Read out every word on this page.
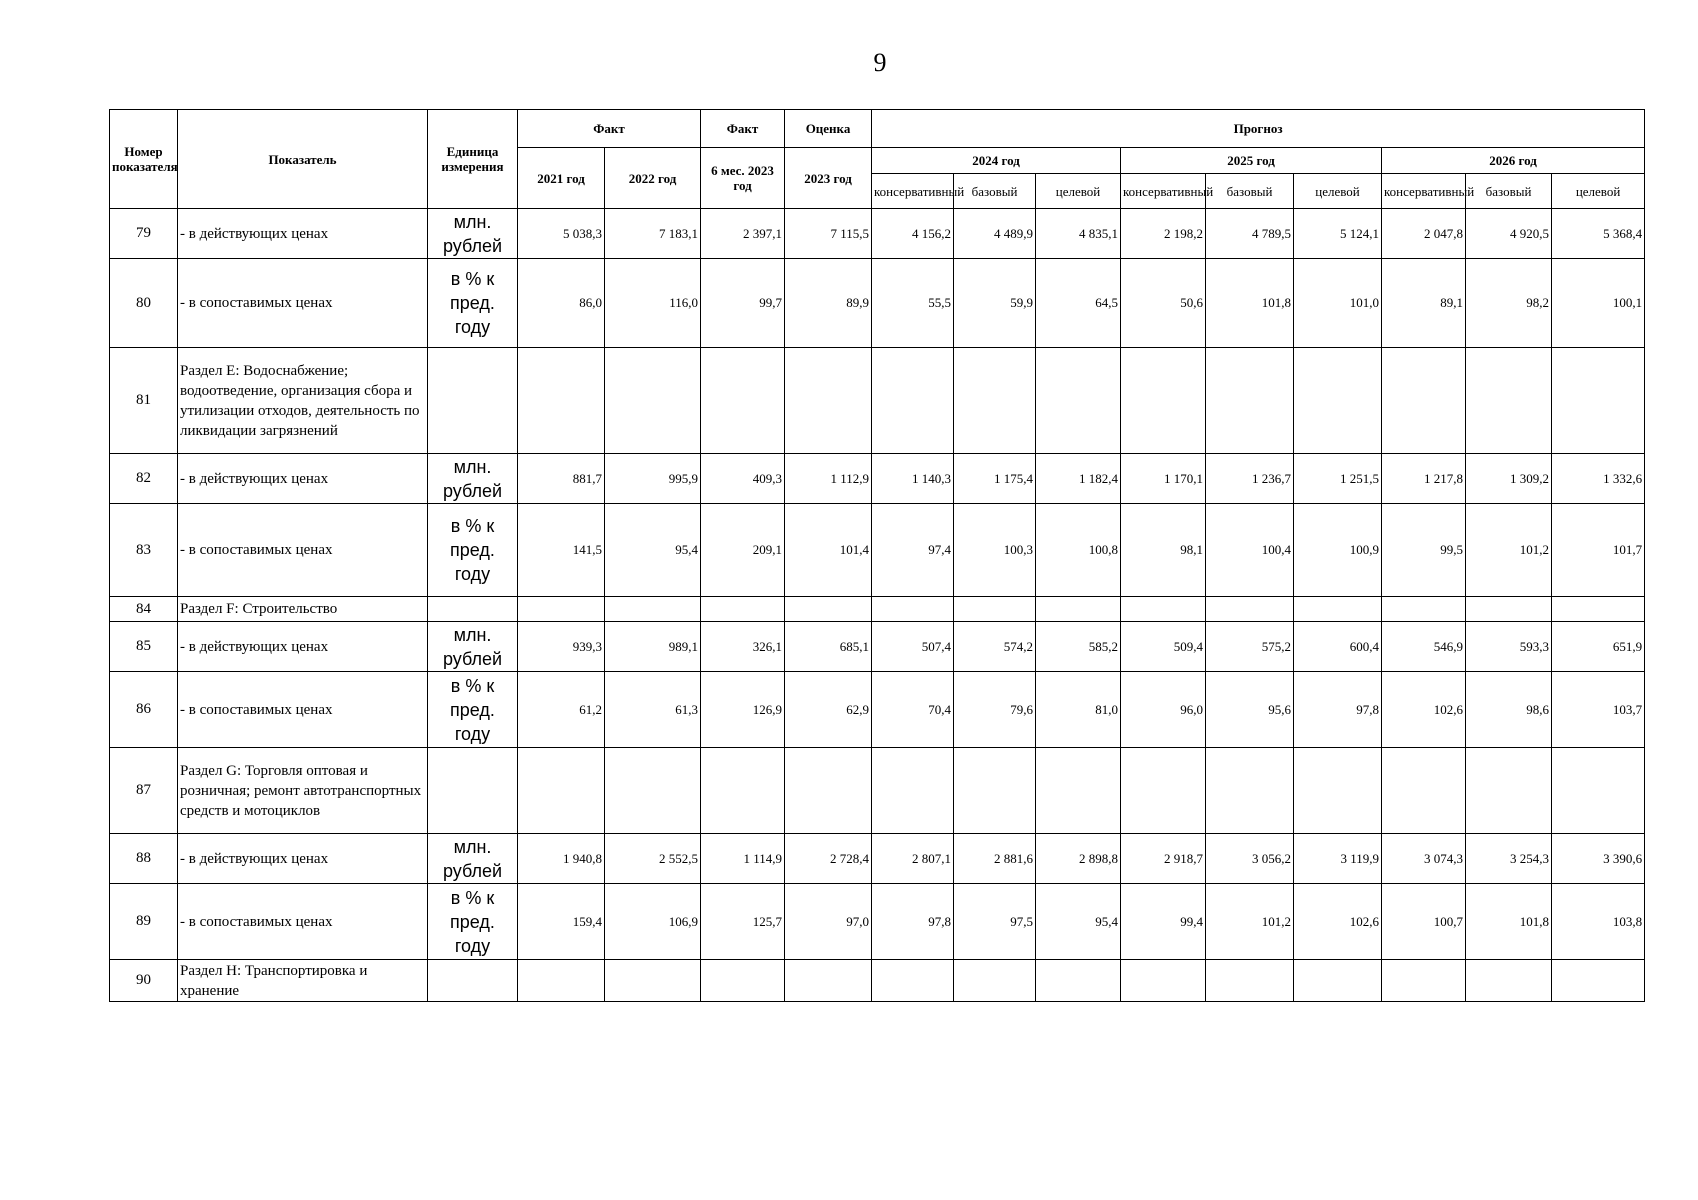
9
Номер показателя	Показатель	Единица измерения	Факт		Факт	Оценка	Прогноз								
			2021 год	2022 год	6 мес. 2023 год	2023 год	2024 год			2025 год			2026 год		
							консервативный	базовый	целевой	консервативный	базовый	целевой	консервативный	базовый	целевой
79	- в действующих ценах	млн. рублей	5 038,3	7 183,1	2 397,1	7 115,5	4 156,2	4 489,9	4 835,1	2 198,2	4 789,5	5 124,1	2 047,8	4 920,5	5 368,4
80	- в сопоставимых ценах	в % к пред. году	86,0	116,0	99,7	89,9	55,5	59,9	64,5	50,6	101,8	101,0	89,1	98,2	100,1
81	Раздел E: Водоснабжение; водоотведение, организация сбора и утилизации отходов, деятельность по ликвидации загрязнений														
82	- в действующих ценах	млн. рублей	881,7	995,9	409,3	1 112,9	1 140,3	1 175,4	1 182,4	1 170,1	1 236,7	1 251,5	1 217,8	1 309,2	1 332,6
83	- в сопоставимых ценах	в % к пред. году	141,5	95,4	209,1	101,4	97,4	100,3	100,8	98,1	100,4	100,9	99,5	101,2	101,7
84	Раздел F: Строительство														
85	- в действующих ценах	млн. рублей	939,3	989,1	326,1	685,1	507,4	574,2	585,2	509,4	575,2	600,4	546,9	593,3	651,9
86	- в сопоставимых ценах	в % к пред. году	61,2	61,3	126,9	62,9	70,4	79,6	81,0	96,0	95,6	97,8	102,6	98,6	103,7
87	Раздел G: Торговля оптовая и розничная; ремонт автотранспортных средств и мотоциклов														
88	- в действующих ценах	млн. рублей	1 940,8	2 552,5	1 114,9	2 728,4	2 807,1	2 881,6	2 898,8	2 918,7	3 056,2	3 119,9	3 074,3	3 254,3	3 390,6
89	- в сопоставимых ценах	в % к пред. году	159,4	106,9	125,7	97,0	97,8	97,5	95,4	99,4	101,2	102,6	100,7	101,8	103,8
90	Раздел H: Транспортировка и хранение														
